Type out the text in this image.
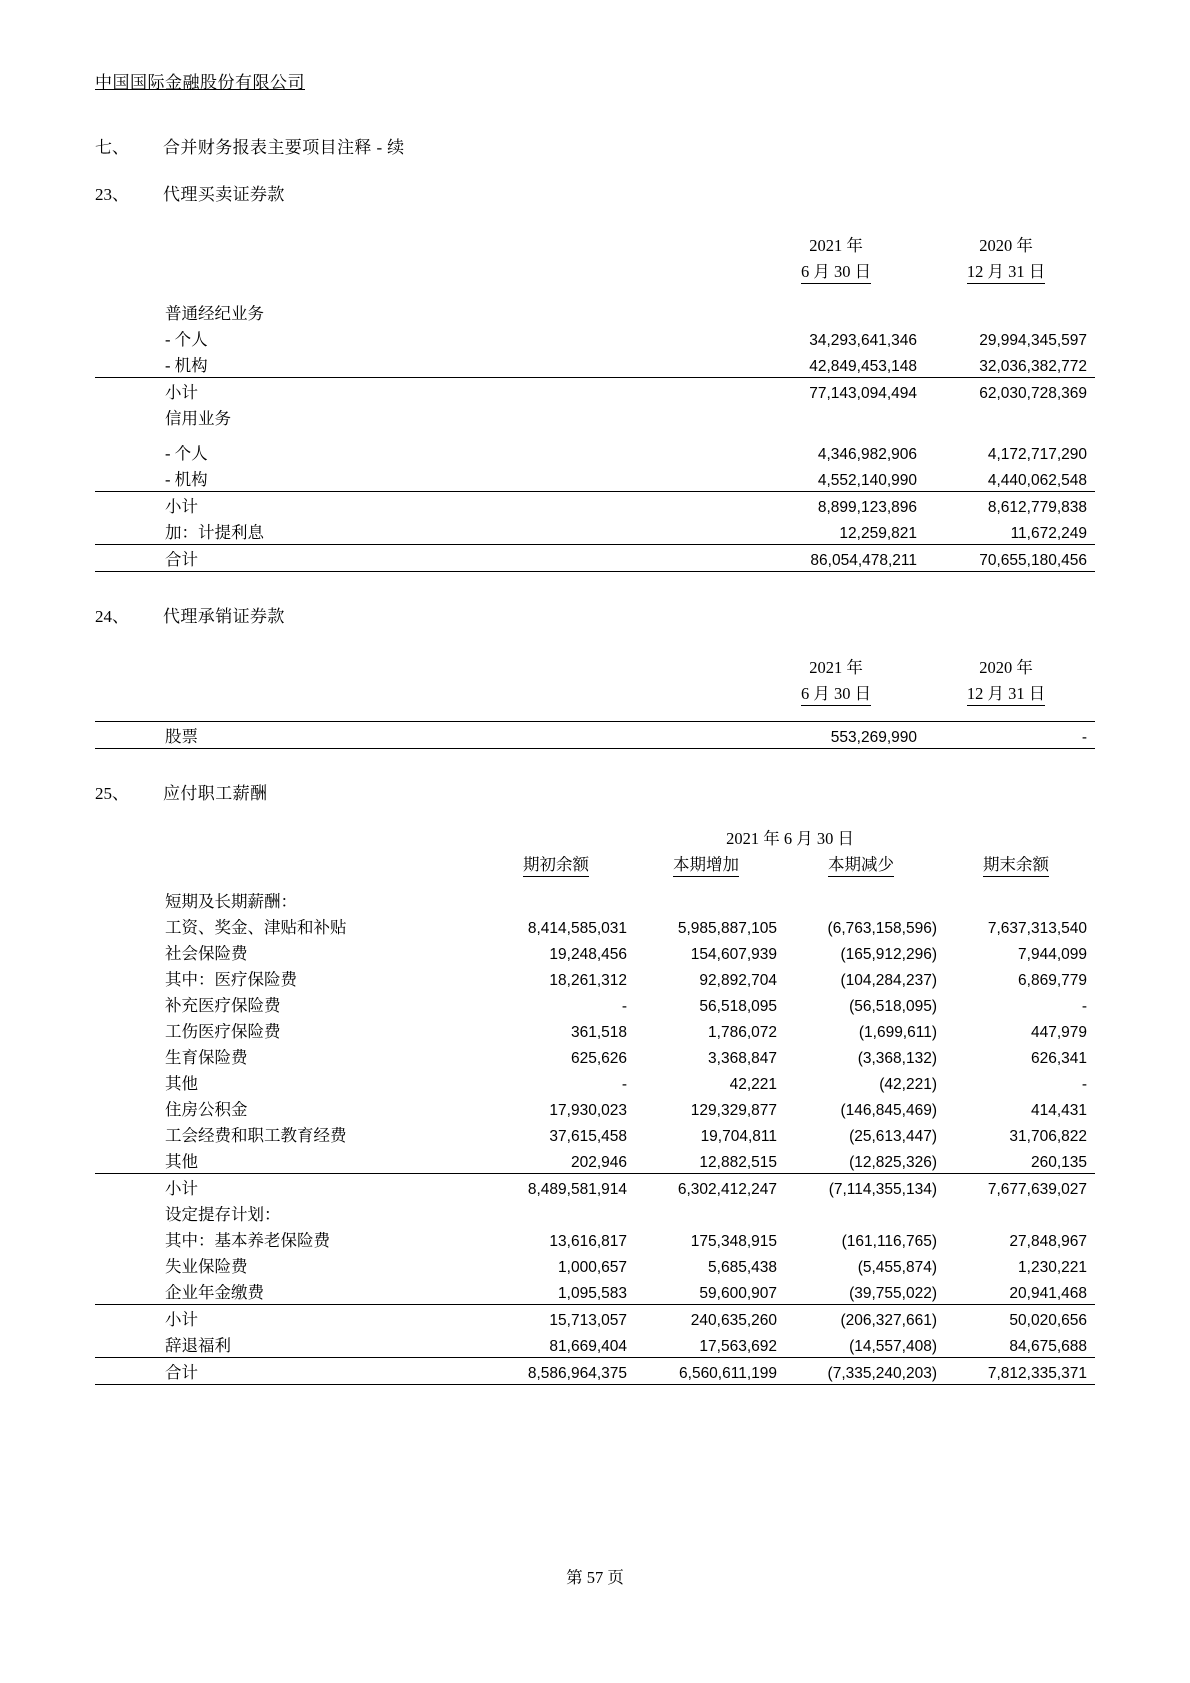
中国国际金融股份有限公司
七、	合并财务报表主要项目注释 - 续
23、	代理买卖证券款
	2021 年	2020 年
	6 月 30 日	12 月 31 日

普通经纪业务		
- 个人	34,293,641,346	29,994,345,597
- 机构	42,849,453,148	32,036,382,772
小计	77,143,094,494	62,030,728,369
信用业务		

- 个人	4,346,982,906	4,172,717,290
- 机构	4,552,140,990	4,440,062,548
小计	8,899,123,896	8,612,779,838
加：计提利息	12,259,821	11,672,249
合计	86,054,478,211	70,655,180,456
24、	代理承销证券款
	2021 年	2020 年
	6 月 30 日	12 月 31 日

股票	553,269,990	-
25、	应付职工薪酬
	2021 年 6 月 30 日			
	期初余额	本期增加	本期减少	期末余额

短期及长期薪酬：				
工资、奖金、津贴和补贴	8,414,585,031	5,985,887,105	(6,763,158,596)	7,637,313,540
社会保险费	19,248,456	154,607,939	(165,912,296)	7,944,099
其中：医疗保险费	18,261,312	92,892,704	(104,284,237)	6,869,779
补充医疗保险费	-	56,518,095	(56,518,095)	-
工伤医疗保险费	361,518	1,786,072	(1,699,611)	447,979
生育保险费	625,626	3,368,847	(3,368,132)	626,341
其他	-	42,221	(42,221)	-
住房公积金	17,930,023	129,329,877	(146,845,469)	414,431
工会经费和职工教育经费	37,615,458	19,704,811	(25,613,447)	31,706,822
其他	202,946	12,882,515	(12,825,326)	260,135
小计	8,489,581,914	6,302,412,247	(7,114,355,134)	7,677,639,027
设定提存计划：				
其中：基本养老保险费	13,616,817	175,348,915	(161,116,765)	27,848,967
失业保险费	1,000,657	5,685,438	(5,455,874)	1,230,221
企业年金缴费	1,095,583	59,600,907	(39,755,022)	20,941,468
小计	15,713,057	240,635,260	(206,327,661)	50,020,656
辞退福利	81,669,404	17,563,692	(14,557,408)	84,675,688
合计	8,586,964,375	6,560,611,199	(7,335,240,203)	7,812,335,371
第 57 页
